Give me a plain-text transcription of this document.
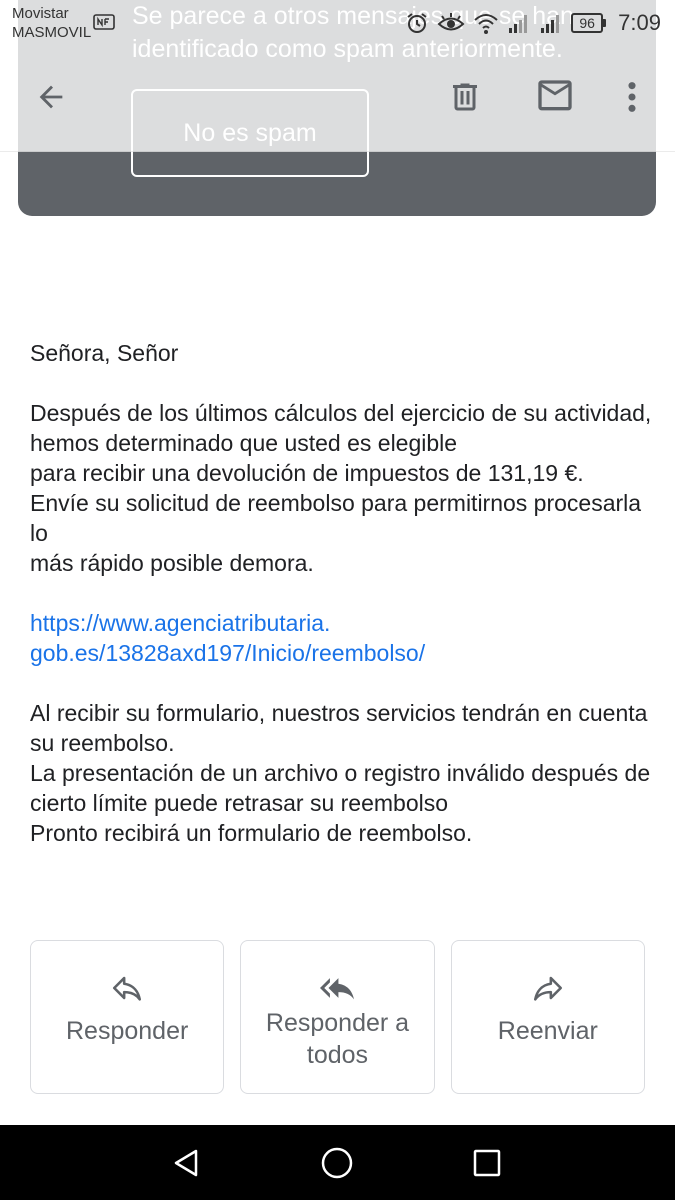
Movistar
MASMOVIL
96	7:09

Señora, Señor

Después de los últimos cálculos del ejercicio de su actividad,
hemos determinado que usted es elegible
para recibir una devolución de impuestos de 131,19 €.
Envíe su solicitud de reembolso para permitirnos procesarla lo
más rápido posible demora.

https://www.agenciatributaria.
gob.es/13828axd197/Inicio/reembolso/

Al recibir su formulario, nuestros servicios tendrán en cuenta su reembolso.
La presentación de un archivo o registro inválido después de cierto límite puede retrasar su reembolso
Pronto recibirá un formulario de reembolso.

Responder	Responder a todos
Reenviar
